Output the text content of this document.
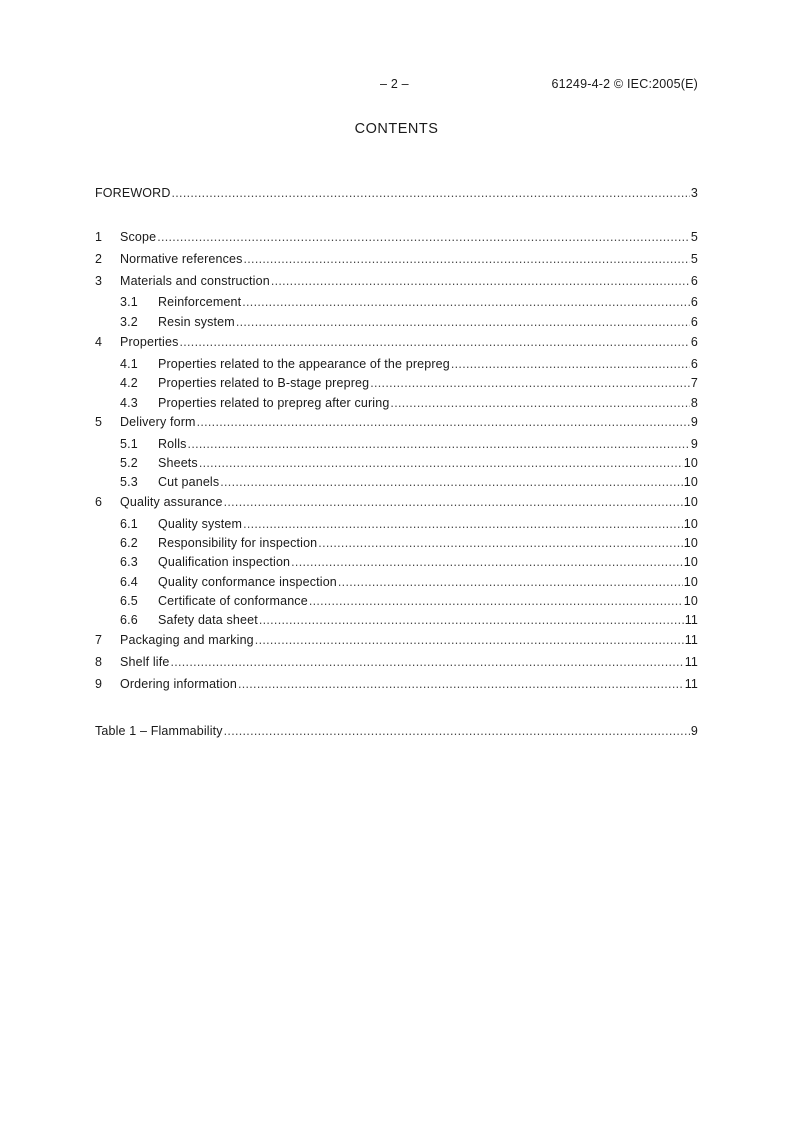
– 2 –	61249-4-2 © IEC:2005(E)
CONTENTS
FOREWORD .....	3
1	Scope .....	5
2	Normative references .....	5
3	Materials and construction .....	6
3.1	Reinforcement .....	6
3.2	Resin system .....	6
4	Properties .....	6
4.1	Properties related to the appearance of the prepreg .....	6
4.2	Properties related to B-stage prepreg .....	7
4.3	Properties related to prepreg after curing .....	8
5	Delivery form .....	9
5.1	Rolls .....	9
5.2	Sheets .....	10
5.3	Cut panels .....	10
6	Quality assurance .....	10
6.1	Quality system .....	10
6.2	Responsibility for inspection .....	10
6.3	Qualification inspection .....	10
6.4	Quality conformance inspection .....	10
6.5	Certificate of conformance .....	10
6.6	Safety data sheet .....	11
7	Packaging and marking .....	11
8	Shelf life .....	11
9	Ordering information .....	11
Table 1 – Flammability .....	9
